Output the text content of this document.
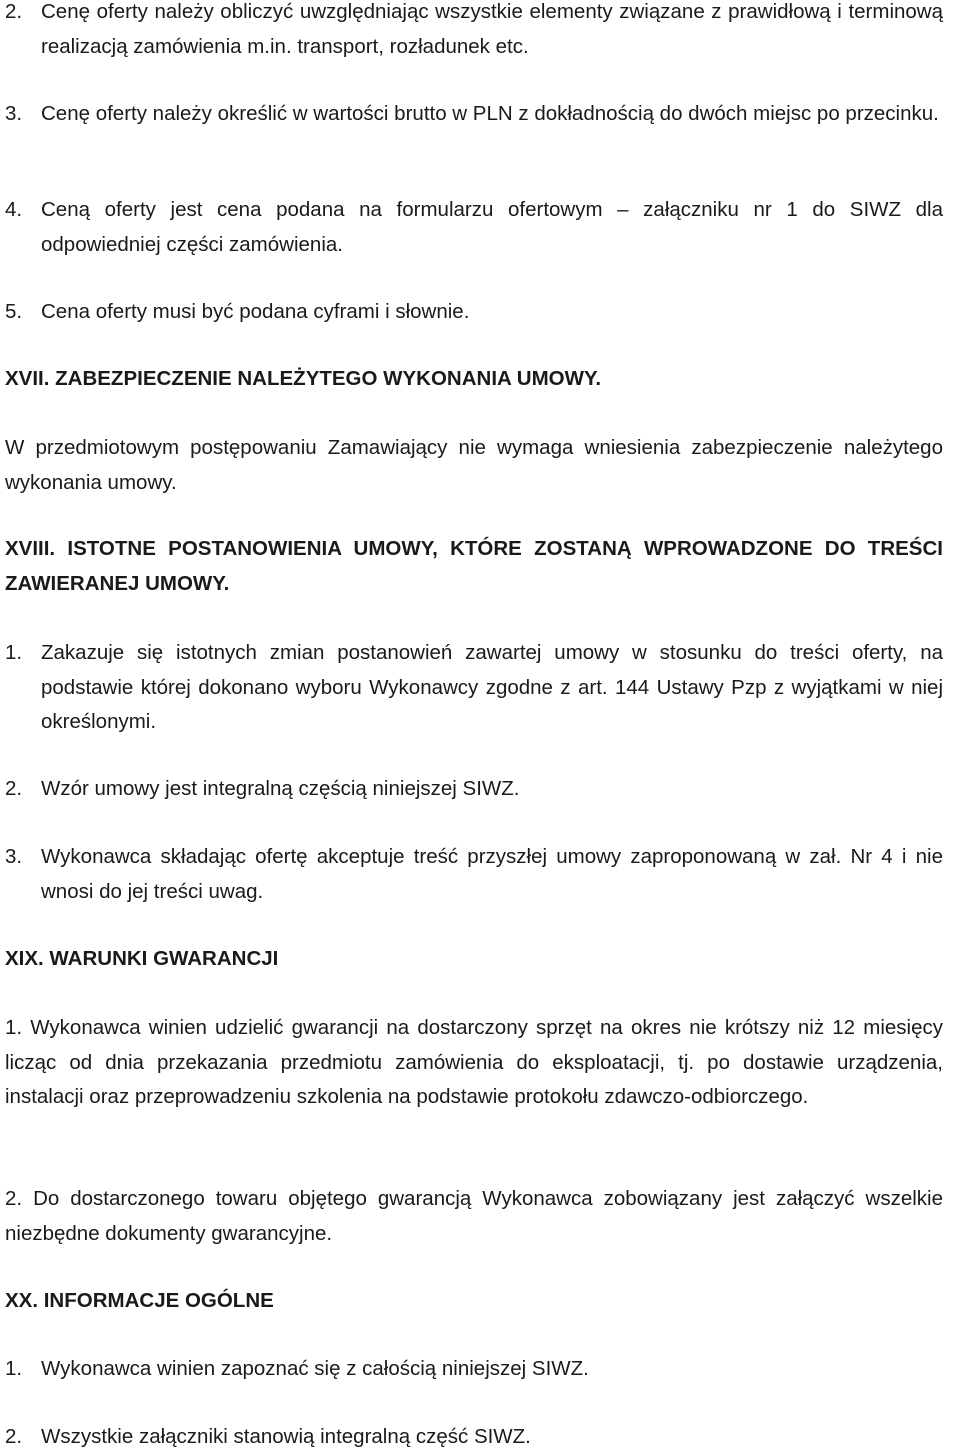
2. Cenę oferty należy obliczyć uwzględniając wszystkie elementy związane z prawidłową i terminową realizacją zamówienia m.in. transport, rozładunek etc.
3. Cenę oferty należy określić w wartości brutto w PLN z dokładnością do dwóch miejsc po przecinku.
4. Ceną oferty jest cena podana na formularzu ofertowym – załączniku nr 1 do SIWZ dla odpowiedniej części zamówienia.
5. Cena oferty musi być podana cyframi i słownie.
XVII. ZABEZPIECZENIE NALEŻYTEGO WYKONANIA UMOWY.
W przedmiotowym postępowaniu Zamawiający nie wymaga wniesienia zabezpieczenie należytego wykonania umowy.
XVIII. ISTOTNE POSTANOWIENIA UMOWY, KTÓRE ZOSTANĄ WPROWADZONE DO TREŚCI ZAWIERANEJ UMOWY.
1. Zakazuje się istotnych zmian postanowień zawartej umowy w stosunku do treści oferty, na podstawie której dokonano wyboru Wykonawcy zgodne z art. 144 Ustawy Pzp z wyjątkami w niej określonymi.
2. Wzór umowy jest integralną częścią niniejszej SIWZ.
3. Wykonawca składając ofertę akceptuje treść przyszłej umowy zaproponowaną w zał. Nr 4 i nie wnosi do jej treści uwag.
XIX. WARUNKI GWARANCJI
1. Wykonawca winien udzielić gwarancji na dostarczony sprzęt na okres nie krótszy niż 12 miesięcy licząc od dnia przekazania przedmiotu zamówienia do eksploatacji, tj. po dostawie urządzenia, instalacji oraz przeprowadzeniu szkolenia na podstawie protokołu zdawczo-odbiorczego.
2. Do dostarczonego towaru objętego gwarancją Wykonawca zobowiązany jest załączyć wszelkie niezbędne dokumenty gwarancyjne.
XX. INFORMACJE OGÓLNE
1. Wykonawca winien zapoznać się z całością niniejszej SIWZ.
2. Wszystkie załączniki stanowią integralną część SIWZ.
